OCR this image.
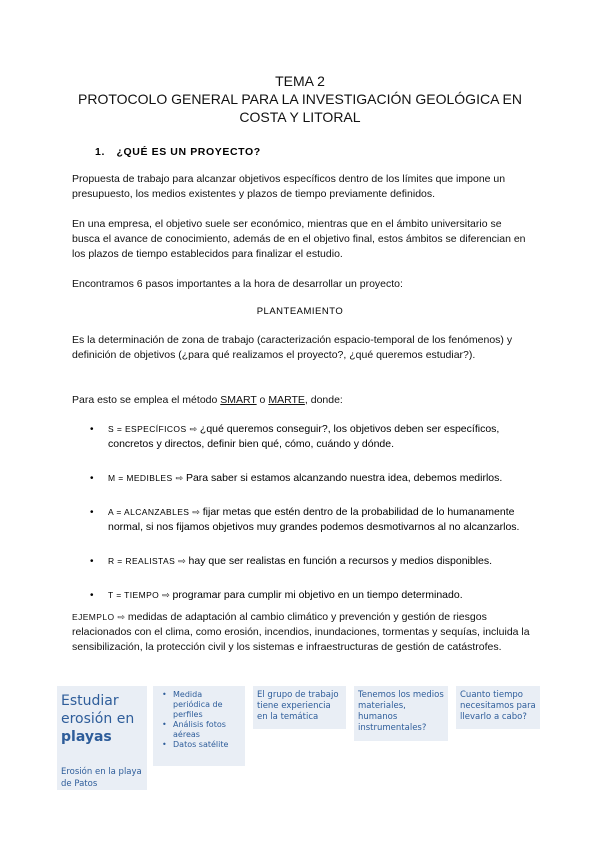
TEMA 2
PROTOCOLO GENERAL PARA LA INVESTIGACIÓN GEOLÓGICA EN
COSTA Y LITORAL
1. ¿QUÉ ES UN PROYECTO?
Propuesta de trabajo para alcanzar objetivos específicos dentro de los límites que impone un presupuesto, los medios existentes y plazos de tiempo previamente definidos.
En una empresa, el objetivo suele ser económico, mientras que en el ámbito universitario se busca el avance de conocimiento, además de en el objetivo final, estos ámbitos se diferencian en los plazos de tiempo establecidos para finalizar el estudio.
Encontramos 6 pasos importantes a la hora de desarrollar un proyecto:
PLANTEAMIENTO
Es la determinación de zona de trabajo (caracterización espacio-temporal de los fenómenos) y definición de objetivos (¿para qué realizamos el proyecto?, ¿qué queremos estudiar?).
Para esto se emplea el método SMART o MARTE, donde:
• S = ESPECÍFICOS ⇨ ¿qué queremos conseguir?, los objetivos deben ser específicos, concretos y directos, definir bien qué, cómo, cuándo y dónde.
• M = MEDIBLES ⇨ Para saber si estamos alcanzando nuestra idea, debemos medirlos.
• A = ALCANZABLES ⇨ fijar metas que estén dentro de la probabilidad de lo humanamente normal, si nos fijamos objetivos muy grandes podemos desmotivarnos al no alcanzarlos.
• R = REALISTAS ⇨ hay que ser realistas en función a recursos y medios disponibles.
• T = TIEMPO ⇨ programar para cumplir mi objetivo en un tiempo determinado.
EJEMPLO ⇨ medidas de adaptación al cambio climático y prevención y gestión de riesgos relacionados con el clima, como erosión, incendios, inundaciones, tormentas y sequías, incluida la sensibilización, la protección civil y los sistemas e infraestructuras de gestión de catástrofes.
Estudiar
erosión en
playas
Erosión en la playa de Patos
• Medida periódica de perfiles
• Análisis fotos aéreas
• Datos satélite
El grupo de trabajo tiene experiencia en la temática
Tenemos los medios materiales, humanos instrumentales?
Cuanto tiempo necesitamos para llevarlo a cabo?
